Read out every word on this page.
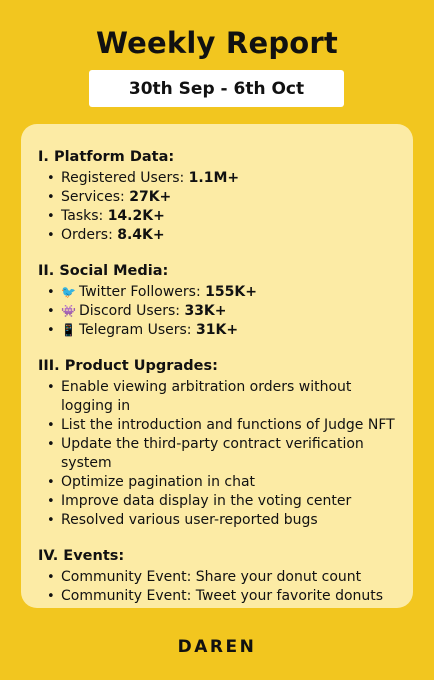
Weekly Report
30th Sep - 6th Oct
I. Platform Data:
• Registered Users: 1.1M+
• Services: 27K+
• Tasks: 14.2K+
• Orders: 8.4K+
II. Social Media:
• 🐦 Twitter Followers: 155K+
• 👾 Discord Users: 33K+
• 📱 Telegram Users: 31K+
III. Product Upgrades:
• Enable viewing arbitration orders without logging in
• List the introduction and functions of Judge NFT
• Update the third-party contract verification system
• Optimize pagination in chat
• Improve data display in the voting center
• Resolved various user-reported bugs
IV. Events:
• Community Event: Share your donut count
• Community Event: Tweet your favorite donuts
DAREN
